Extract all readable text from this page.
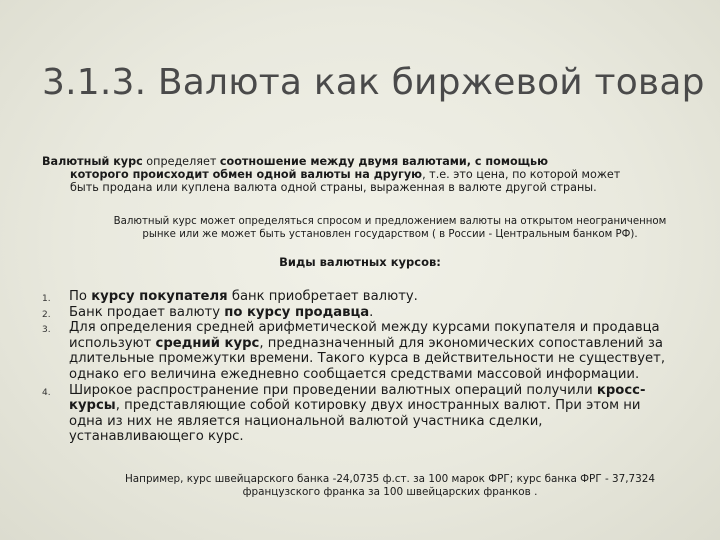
3.1.3. Валюта как биржевой товар
Валютный курс определяет соотношение между двумя валютами, с помощью
которого происходит обмен одной валюты на другую, т.е. это цена, по которой может быть продана или куплена валюта одной страны, выраженная в валюте другой страны.
Валютный курс может определяться спросом и предложением валюты на открытом неограниченном рынке или же может быть установлен государством ( в России - Центральным банком РФ).
Виды валютных курсов:
1. По курсу покупателя банк приобретает валюту.
2. Банк продает валюту по курсу продавца.
3. Для определения средней арифметической между курсами покупателя и продавца используют средний курс, предназначенный для экономических сопоставлений за длительные промежутки времени. Такого курса в действительности не существует, однако его величина ежедневно сообщается средствами массовой информации.
4. Широкое распространение при проведении валютных операций получили кросс-курсы, представляющие собой котировку двух иностранных валют. При этом ни одна из них не является национальной валютой участника сделки, устанавливающего курс.
Например, курс швейцарского банка -24,0735 ф.ст. за 100 марок ФРГ; курс банка ФРГ - 37,7324 французского франка за 100 швейцарских франков .
